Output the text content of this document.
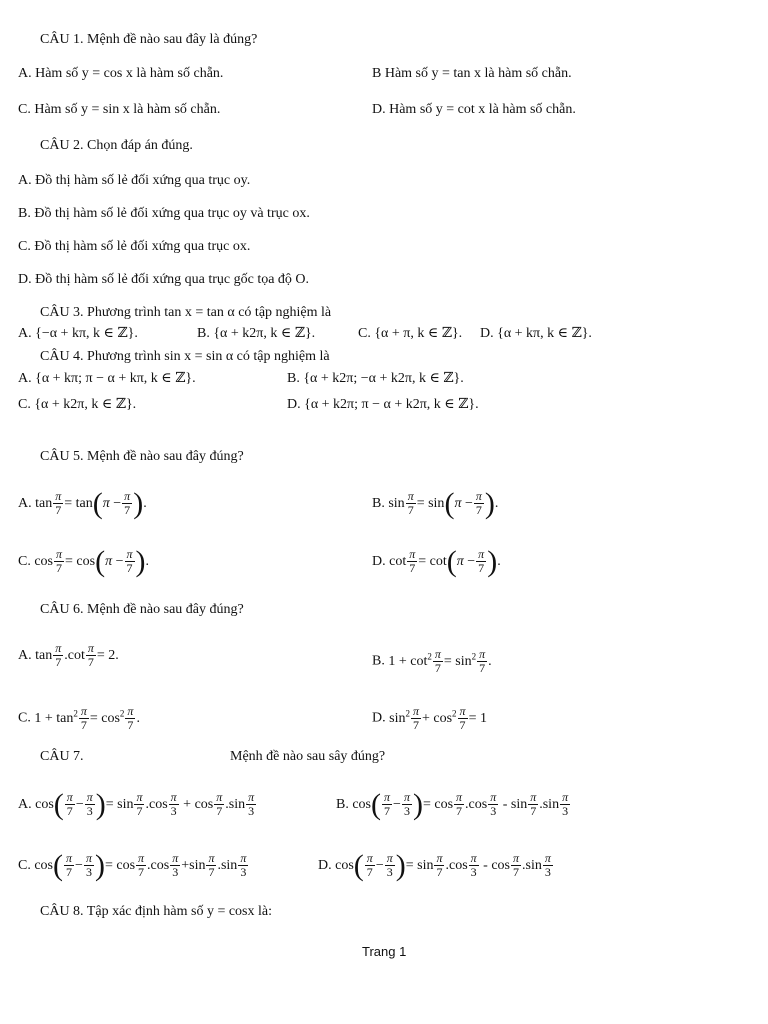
CÂU 1. Mệnh đề nào sau đây là đúng?
A. Hàm số y = cos x là hàm số chẵn.	B Hàm số y = tan x là hàm số chẵn.
C. Hàm số y = sin x là hàm số chẵn.	D. Hàm số y = cot x là hàm số chẵn.
CÂU 2. Chọn đáp án đúng.
A. Đồ thị hàm số lẻ đối xứng qua trục oy.
B. Đồ thị hàm số lẻ đối xứng qua trục oy và trục ox.
C. Đồ thị hàm số lẻ đối xứng qua trục ox.
D. Đồ thị hàm số lẻ đối xứng qua trục gốc tọa độ O.
CÂU 3. Phương trình tan x = tan α có tập nghiệm là
A. {−α + kπ, k ∈ ℤ}.	B. {α + k2π, k ∈ ℤ}.	C. {α + π, k ∈ ℤ}. D. {α + kπ, k ∈ ℤ}.
CÂU 4. Phương trình sin x = sin α có tập nghiệm là
A. {α + kπ; π − α + kπ, k ∈ ℤ}.	B. {α + k2π; −α + k2π, k ∈ ℤ}.
C. {α + k2π, k ∈ ℤ}.	D. {α + k2π; π − α + k2π, k ∈ ℤ}.
CÂU 5. Mệnh đề nào sau đây đúng?
A. $\tan \frac{\pi}{7} = \tan(\pi - \frac{\pi}{7}$ ).	B. $\sin \frac{\pi}{7} = \sin(\pi - \frac{\pi}{7}$ ).
C. $\cos \frac{\pi}{7} = \cos(\pi - \frac{\pi}{7}$ ).	D. $\cot \frac{\pi}{7} = \cot(\pi - \frac{\pi}{7}$ ).
CÂU 6. Mệnh đề nào sau đây đúng?
A. $\tan \frac{\pi}{7} .\cot \frac{\pi}{7} = 2$.	B. $1 + \cot^2 \frac{\pi}{7} = \sin^2 \frac{\pi}{7}$ .
C. $1 + \tan^2 \frac{\pi}{7} = \cos^2 \frac{\pi}{7}$ .	D. $\sin^2 \frac{\pi}{7} + \cos^2 \frac{\pi}{7} = 1$
CÂU 7.	Mệnh đề nào sau sây đúng?
A. $\cos( \frac{\pi}{7} - \frac{\pi}{3}$ )= $\sin \frac{\pi}{7} .\cos \frac{\pi}{3} + \cos \frac{\pi}{7} .\sin \frac{\pi}{3}$	B. $\cos( \frac{\pi}{7} - \frac{\pi}{3}$ )= $\cos \frac{\pi}{7} .\cos \frac{\pi}{3}$ - $\sin \frac{\pi}{7} .\sin \frac{\pi}{3}$
C. $\cos( \frac{\pi}{7} - \frac{\pi}{3}$ )= $\cos \frac{\pi}{7} .\cos \frac{\pi}{3} +\sin \frac{\pi}{7} .\sin \frac{\pi}{3}$	D. $\cos( \frac{\pi}{7} - \frac{\pi}{3}$ )= $\sin \frac{\pi}{7} .\cos \frac{\pi}{3}$ - $\cos \frac{\pi}{7} .\sin \frac{\pi}{3}$
CÂU 8. Tập xác định hàm số y = cosx là:
Trang 1
